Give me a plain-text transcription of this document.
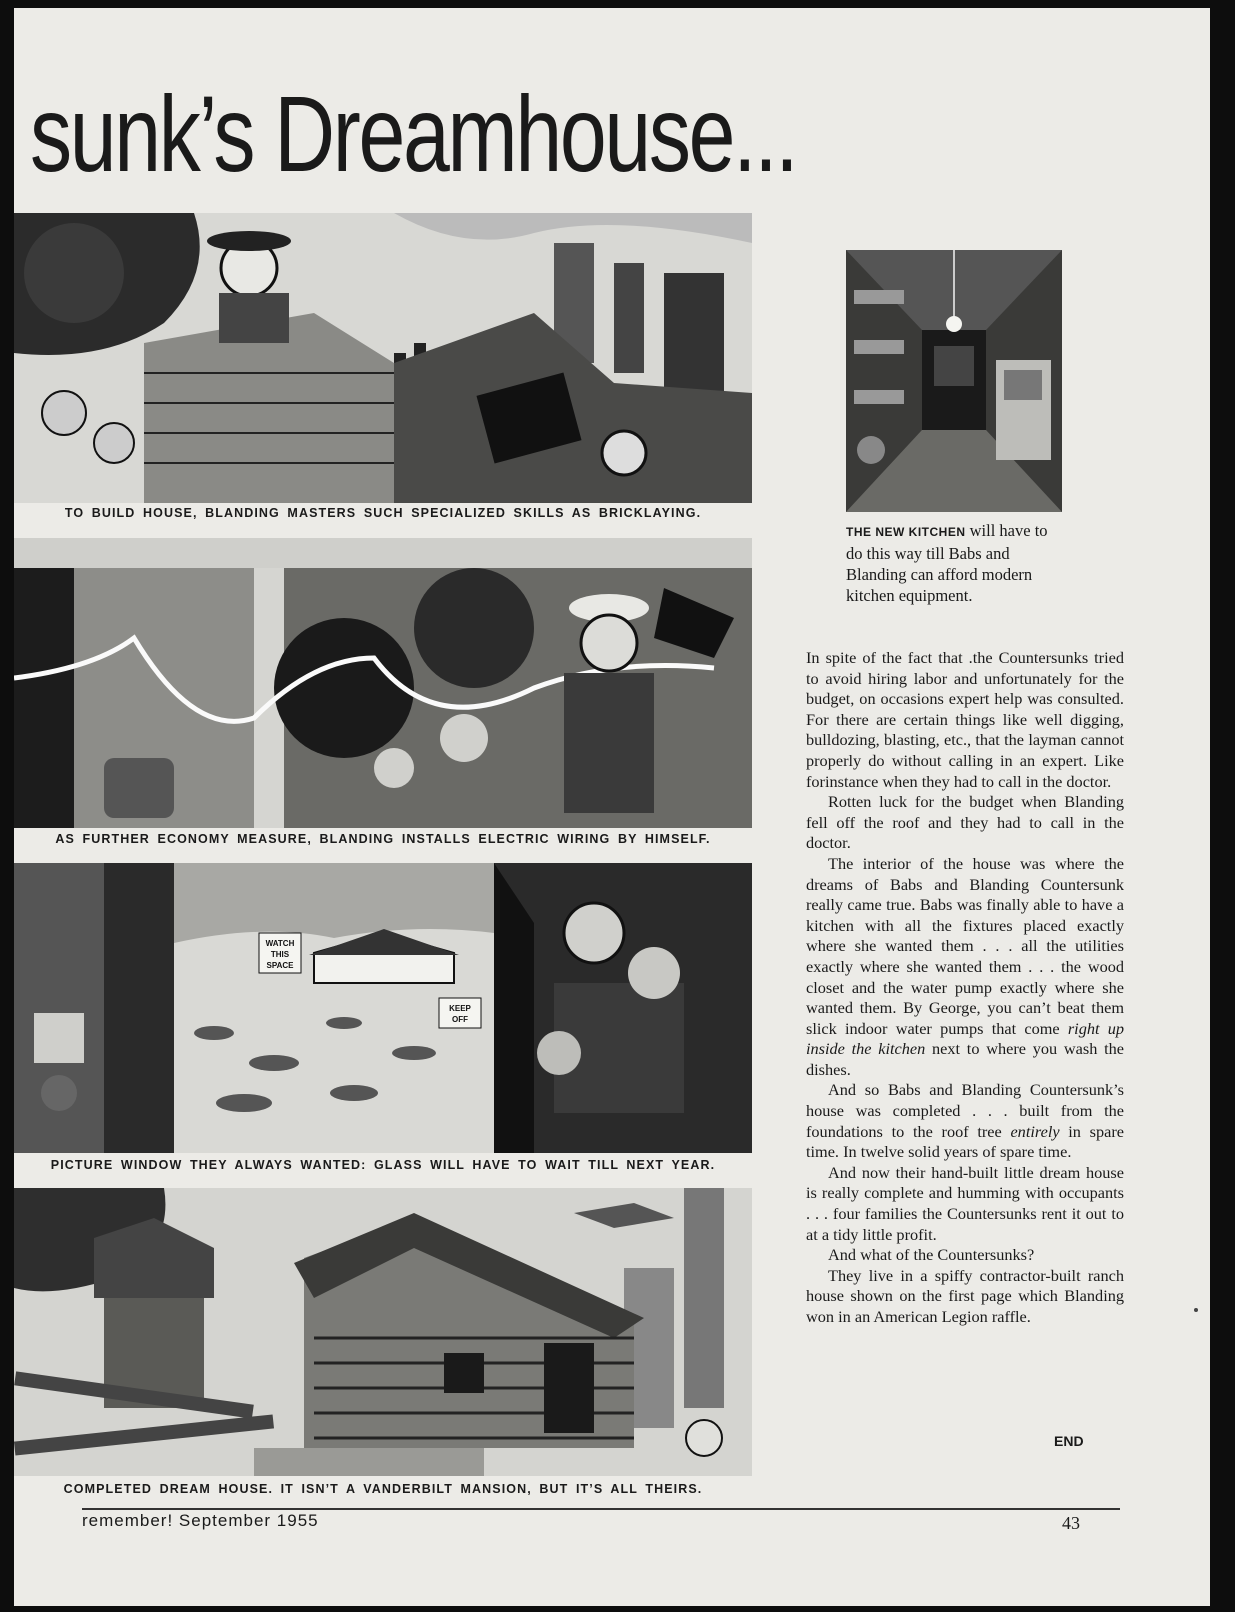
sunk’s Dreamhouse...
TO BUILD HOUSE, BLANDING MASTERS SUCH SPECIALIZED SKILLS AS BRICKLAYING.
AS FURTHER ECONOMY MEASURE, BLANDING INSTALLS ELECTRIC WIRING BY HIMSELF.
WATCH
THIS
SPACE
KEEP
OFF
PICTURE WINDOW THEY ALWAYS WANTED: GLASS WILL HAVE TO WAIT TILL NEXT YEAR.
COMPLETED DREAM HOUSE. IT ISN’T A VANDERBILT MANSION, BUT IT’S ALL THEIRS.
THE NEW KITCHEN will have to do this way till Babs and Blanding can afford modern kitchen equipment.

In spite of the fact that .the Countersunks tried to avoid hiring labor and unfortunately for the budget, on occasions expert help was consulted. For there are certain things like well digging, bulldozing, blasting, etc., that the layman cannot properly do without calling in an expert. Like forinstance when they had to call in the doctor.

Rotten luck for the budget when Blanding fell off the roof and they had to call in the doctor.

The interior of the house was where the dreams of Babs and Blanding Countersunk really came true. Babs was finally able to have a kitchen with all the fixtures placed exactly where she wanted them . . . all the utilities exactly where she wanted them . . . the wood closet and the water pump exactly where she wanted them. By George, you can’t beat them slick indoor water pumps that come right up inside the kitchen next to where you wash the dishes.

And so Babs and Blanding Countersunk’s house was completed . . . built from the foundations to the roof tree entirely in spare time. In twelve solid years of spare time.

And now their hand-built little dream house is really complete and humming with occupants . . . four families the Countersunks rent it out to at a tidy little profit.

And what of the Countersunks?

They live in a spiffy contractor-built ranch house shown on the first page which Blanding won in an American Legion raffle.

END
remember! September 1955	43
